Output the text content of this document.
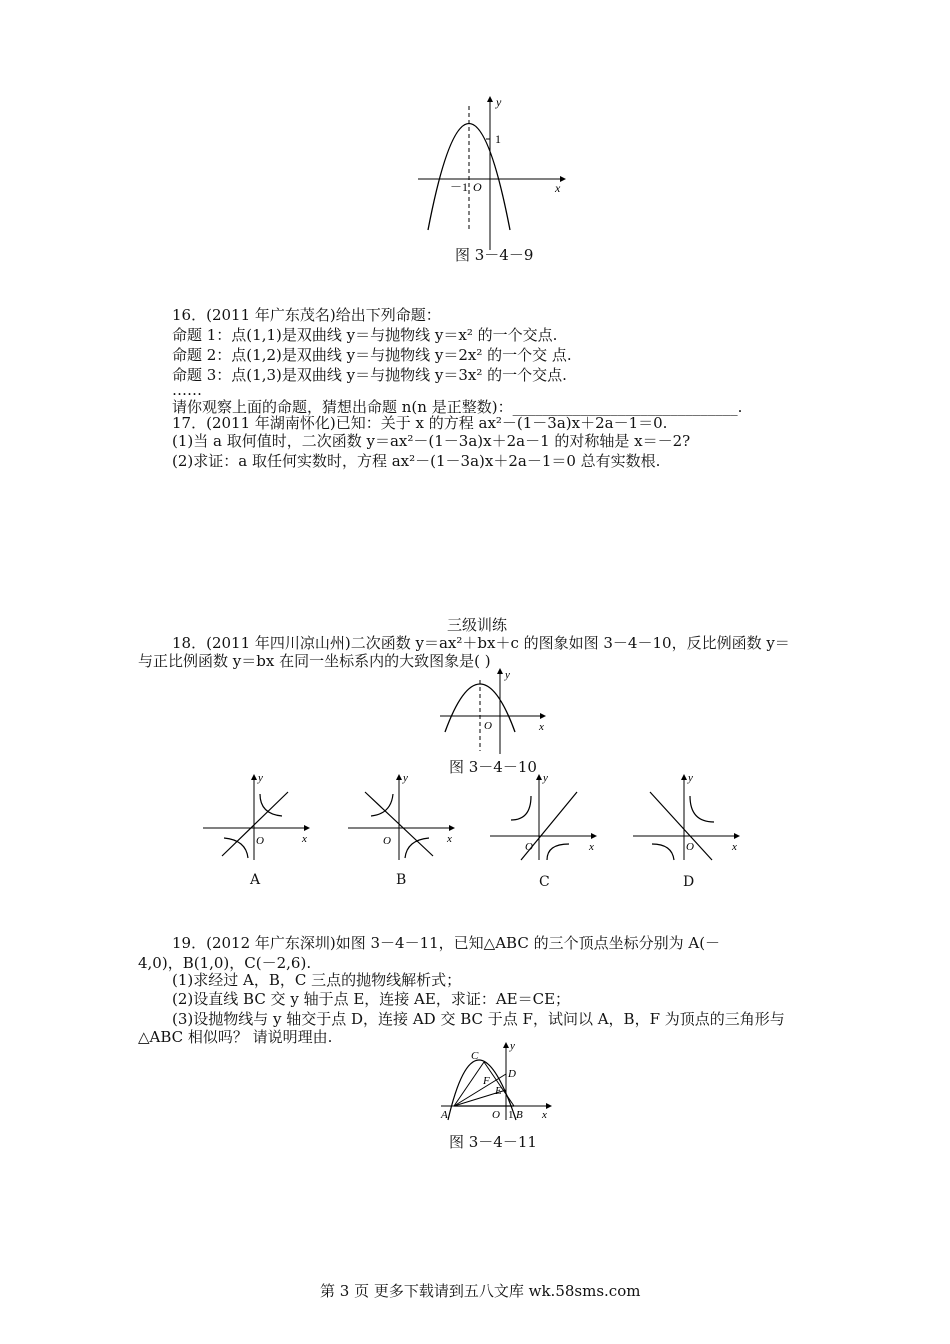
y
x
1
－1 O
图 3－4－9
16．(2011 年广东茂名)给出下列命题：
命题 1：点(1,1)是双曲线 y＝与抛物线 y＝x² 的一个交点.
命题 2：点(1,2)是双曲线 y＝与抛物线 y＝2x² 的一个交 点.
命题 3：点(1,3)是双曲线 y＝与抛物线 y＝3x² 的一个交点.
……
请你观察上面的命题，猜想出命题 n(n 是正整数)：______________________________.
17．(2011 年湖南怀化)已知：关于 x 的方程 ax²－(1－3a)x＋2a－1＝0.
(1)当 a 取何值时，二次函数 y＝ax²－(1－3a)x＋2a－1 的对称轴是 x＝－2?
(2)求证：a 取任何实数时，方程 ax²－(1－3a)x＋2a－1＝0 总有实数根.
三级训练
18．(2011 年四川凉山州)二次函数 y＝ax²＋bx＋c 的图象如图 3－4－10，反比例函数 y＝
与正比例函数 y＝bx 在同一坐标系内的大致图象是( )
y
x
O
图 3－4－10
y
x
O
A
y
x
O
B
y
x
O
C
y
x
O
D
19．(2012 年广东深圳)如图 3－4－11，已知△ABC 的三个顶点坐标分别为 A(－
4,0)，B(1,0)，C(－2,6).
(1)求经过 A，B，C 三点的抛物线解析式；
(2)设直线 BC 交 y 轴于点 E，连接 AE，求证：AE＝CE；
(3)设抛物线与 y 轴交于点 D，连接 AD 交 BC 于点 F，试问以 A，B，F 为顶点的三角形与
△ABC 相似吗？ 请说明理由.
C
D
F
E
A	O 1 B x
y
图 3－4－11
第 3 页 更多下载请到五八文库 wk.58sms.com
